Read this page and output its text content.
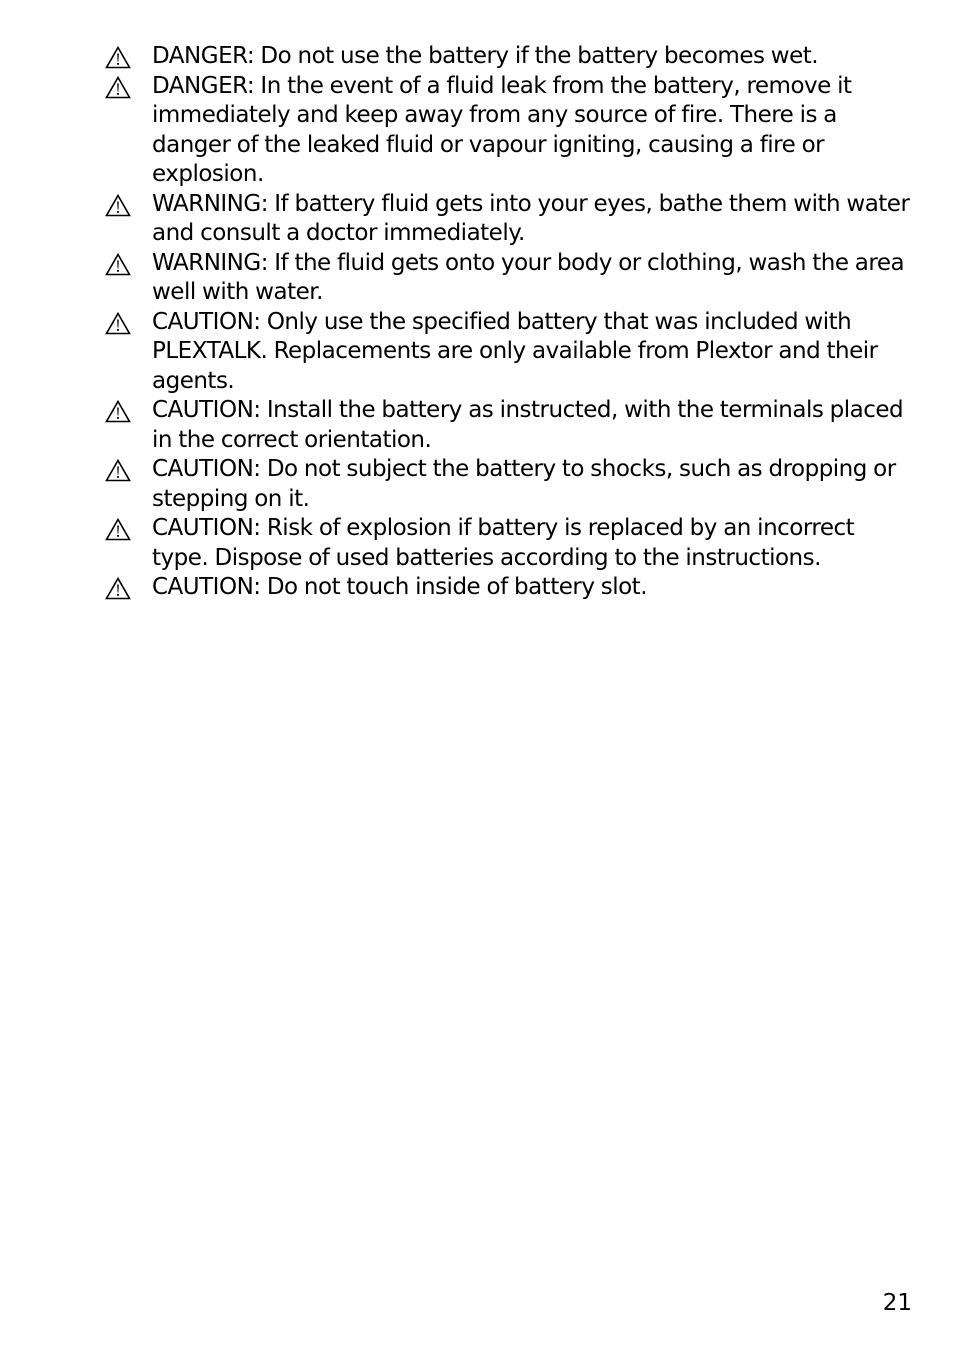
DANGER: Do not use the battery if the battery becomes wet.
DANGER: In the event of a fluid leak from the battery, remove it immediately and keep away from any source of fire. There is a danger of the leaked fluid or vapour igniting, causing a fire or explosion.
WARNING: If battery fluid gets into your eyes, bathe them with water and consult a doctor immediately.
WARNING: If the fluid gets onto your body or clothing, wash the area well with water.
CAUTION: Only use the specified battery that was included with PLEXTALK. Replacements are only available from Plextor and their agents.
CAUTION: Install the battery as instructed, with the terminals placed in the correct orientation.
CAUTION: Do not subject the battery to shocks, such as dropping or stepping on it.
CAUTION: Risk of explosion if battery is replaced by an incorrect type. Dispose of used batteries according to the instructions.
CAUTION: Do not touch inside of battery slot.
21
